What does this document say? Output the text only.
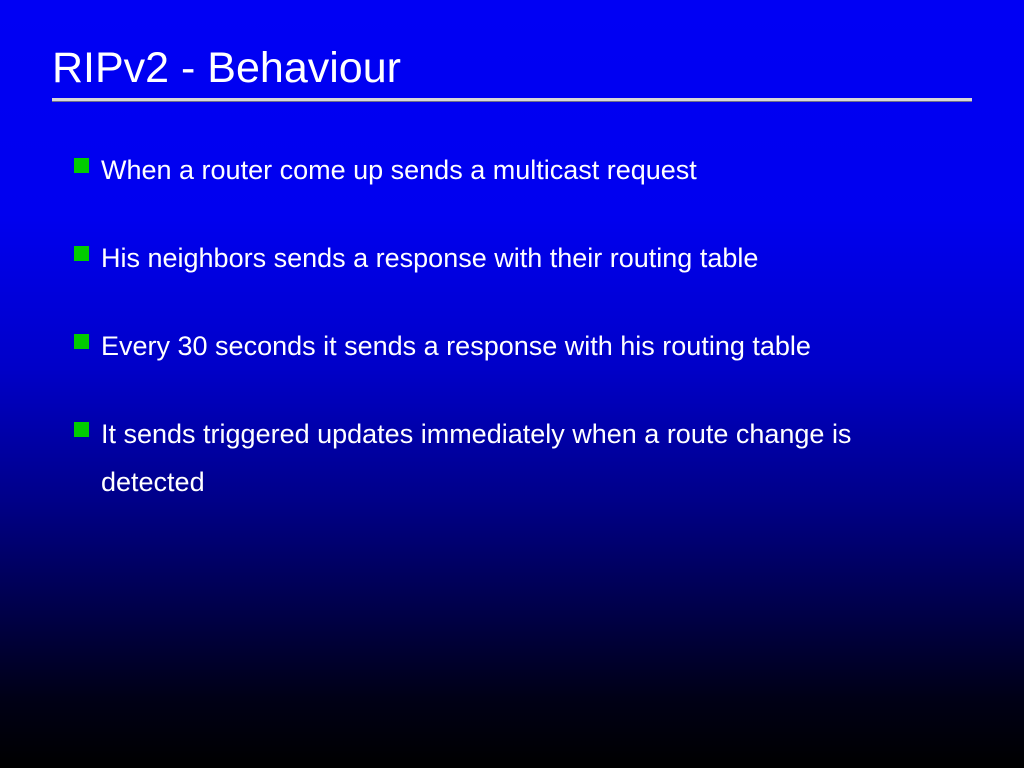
RIPv2 - Behaviour
When a router come up sends a multicast request
His neighbors sends a response with their routing table
Every 30 seconds it sends a response with his routing table
It sends triggered updates immediately when a route change is detected
